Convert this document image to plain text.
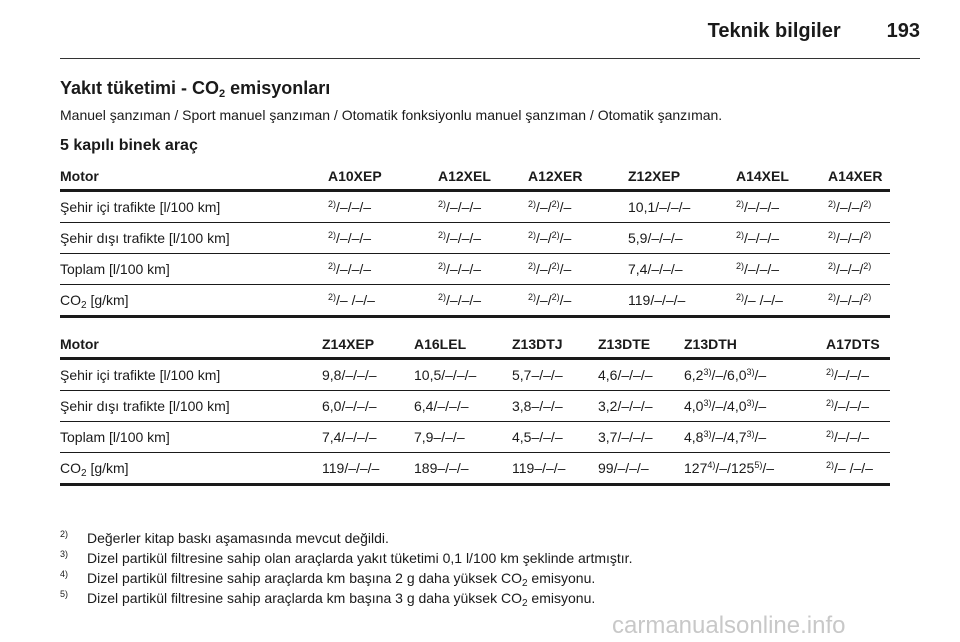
Teknik bilgiler 193
Yakıt tüketimi - $CO_2$ emisyonları
Manuel şanzıman / Sport manuel şanzıman / Otomatik fonksiyonlu manuel şanzıman / Otomatik şanzıman.
5 kapılı binek araç
Motor	A10XEP	A12XEL	A12XER	Z12XEP	A14XEL	A14XER
Şehir içi trafikte [l/100 km]	$^{2)}$/–/–/–	$^{2)}$/–/–/–	$^{2)}$/–/$^{2)}$/–	10,1/–/–/–	$^{2)}$/–/–/–	$^{2)}$/–/–/$^{2)}$
Şehir dışı trafikte [l/100 km]	$^{2)}$/–/–/–	$^{2)}$/–/–/–	$^{2)}$/–/$^{2)}$/–	5,9/–/–/–	$^{2)}$/–/–/–	$^{2)}$/–/–/$^{2)}$
Toplam [l/100 km]	$^{2)}$/–/–/–	$^{2)}$/–/–/–	$^{2)}$/–/$^{2)}$/–	7,4/–/–/–	$^{2)}$/–/–/–	$^{2)}$/–/–/$^{2)}$
$CO_2$ [g/km]	$^{2)}$/– /–/–	$^{2)}$/–/–/–	$^{2)}$/–/$^{2)}$/–	119/–/–/–	$^{2)}$/– /–/–	$^{2)}$/–/–/$^{2)}$
Motor	Z14XEP	A16LEL	Z13DTJ	Z13DTE	Z13DTH	A17DTS
Şehir içi trafikte [l/100 km]	9,8/–/–/–	10,5/–/–/–	5,7–/–/–	4,6/–/–/–	6,2$^{3)}$/–/6,0$^{3)}$/–	$^{2)}$/–/–/–
Şehir dışı trafikte [l/100 km]	6,0/–/–/–	6,4/–/–/–	3,8–/–/–	3,2/–/–/–	4,0$^{3)}$/–/4,0$^{3)}$/–	$^{2)}$/–/–/–
Toplam [l/100 km]	7,4/–/–/–	7,9–/–/–	4,5–/–/–	3,7/–/–/–	4,8$^{3)}$/–/4,7$^{3)}$/–	$^{2)}$/–/–/–
$CO_2$ [g/km]	119/–/–/–	189–/–/–	119–/–/–	99/–/–/–	127$^{4)}$/–/125$^{5)}$/–	$^{2)}$/– /–/–
2)	Değerler kitap baskı aşamasında mevcut değildi.
3)	Dizel partikül filtresine sahip olan araçlarda yakıt tüketimi 0,1 l/100 km şeklinde artmıştır.
4)	Dizel partikül filtresine sahip araçlarda km başına 2 g daha yüksek $CO_2$ emisyonu.
5)	Dizel partikül filtresine sahip araçlarda km başına 3 g daha yüksek $CO_2$ emisyonu.
carmanualsonline.info
